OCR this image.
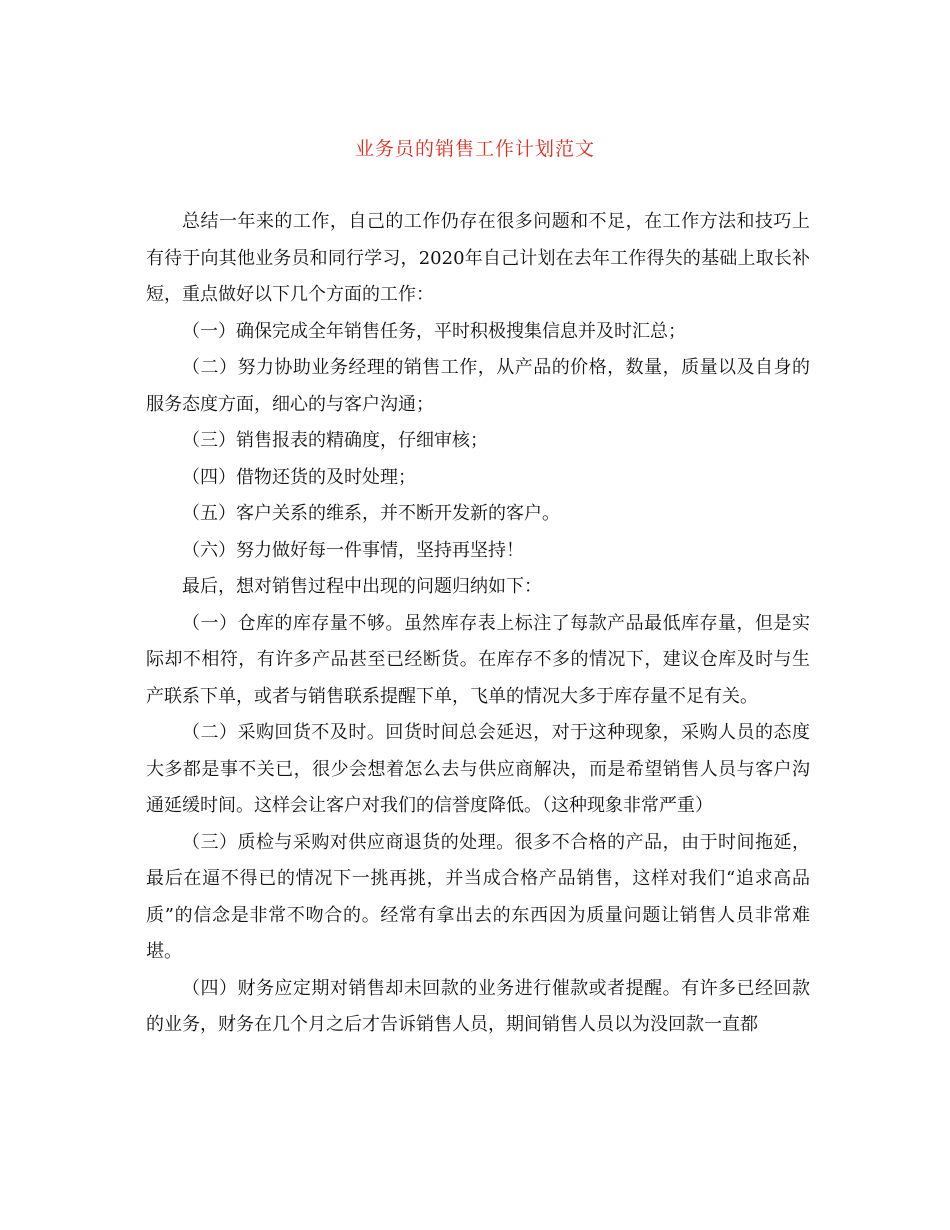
业务员的销售工作计划范文

总结一年来的工作，自己的工作仍存在很多问题和不足，在工作方法和技巧上有待于向其他业务员和同行学习，2020年自己计划在去年工作得失的基础上取长补短，重点做好以下几个方面的工作：

（一）确保完成全年销售任务，平时积极搜集信息并及时汇总；

（二）努力协助业务经理的销售工作，从产品的价格，数量，质量以及自身的服务态度方面，细心的与客户沟通；

（三）销售报表的精确度，仔细审核；

（四）借物还货的及时处理；

（五）客户关系的维系，并不断开发新的客户。

（六）努力做好每一件事情，坚持再坚持！

最后，想对销售过程中出现的问题归纳如下：

（一）仓库的库存量不够。虽然库存表上标注了每款产品最低库存量，但是实际却不相符，有许多产品甚至已经断货。在库存不多的情况下，建议仓库及时与生产联系下单，或者与销售联系提醒下单，飞单的情况大多于库存量不足有关。

（二）采购回货不及时。回货时间总会延迟，对于这种现象，采购人员的态度大多都是事不关已，很少会想着怎么去与供应商解决，而是希望销售人员与客户沟通延缓时间。这样会让客户对我们的信誉度降低。（这种现象非常严重）

（三）质检与采购对供应商退货的处理。很多不合格的产品，由于时间拖延，最后在逼不得已的情况下一挑再挑，并当成合格产品销售，这样对我们“追求高品质”的信念是非常不吻合的。经常有拿出去的东西因为质量问题让销售人员非常难堪。

（四）财务应定期对销售却未回款的业务进行催款或者提醒。有许多已经回款的业务，财务在几个月之后才告诉销售人员，期间销售人员以为没回款一直都
